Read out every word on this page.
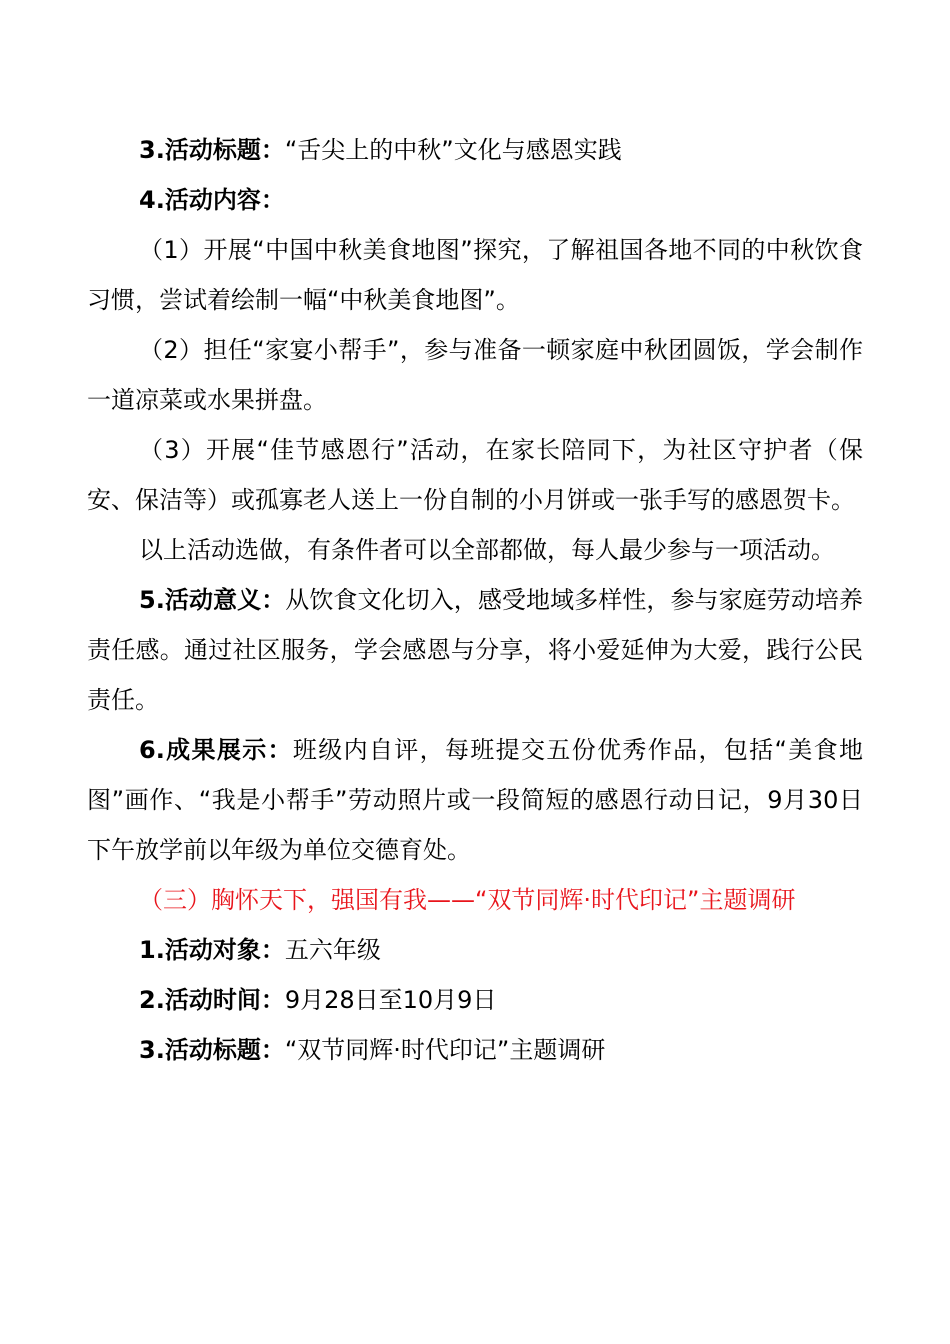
3.活动标题：“舌尖上的中秋”文化与感恩实践

4.活动内容：

（1）开展“中国中秋美食地图”探究，了解祖国各地不同的中秋饮食习惯，尝试着绘制一幅“中秋美食地图”。

（2）担任“家宴小帮手”，参与准备一顿家庭中秋团圆饭，学会制作一道凉菜或水果拼盘。

（3）开展“佳节感恩行”活动，在家长陪同下，为社区守护者（保安、保洁等）或孤寡老人送上一份自制的小月饼或一张手写的感恩贺卡。

以上活动选做，有条件者可以全部都做，每人最少参与一项活动。

5.活动意义：从饮食文化切入，感受地域多样性，参与家庭劳动培养责任感。通过社区服务，学会感恩与分享，将小爱延伸为大爱，践行公民责任。

6.成果展示：班级内自评，每班提交五份优秀作品，包括“美食地图”画作、“我是小帮手”劳动照片或一段简短的感恩行动日记，9月30日下午放学前以年级为单位交德育处。

（三）胸怀天下，强国有我——“双节同辉·时代印记”主题调研

1.活动对象：五六年级

2.活动时间：9月28日至10月9日

3.活动标题：“双节同辉·时代印记”主题调研
